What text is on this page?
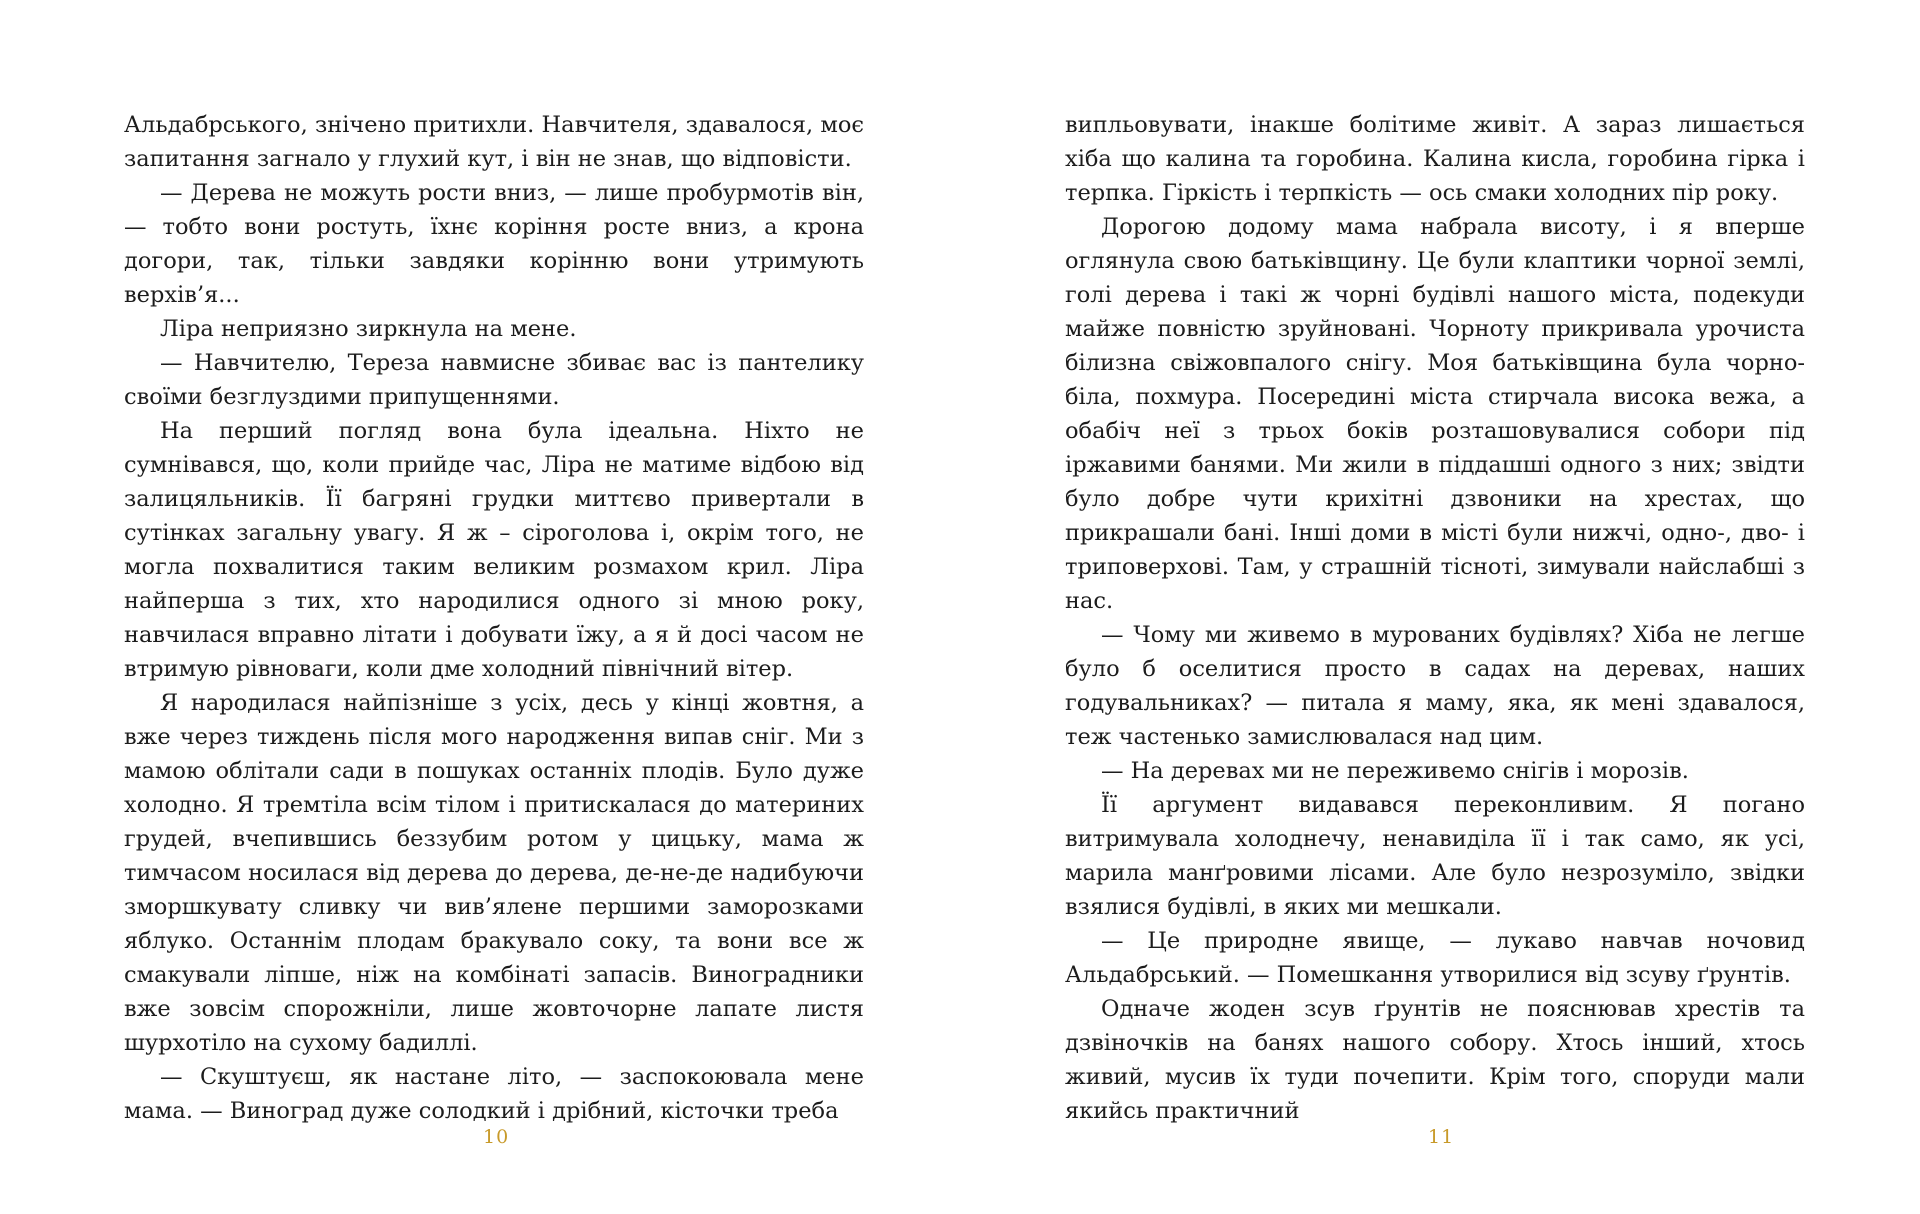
Альдабрського, знічено притихли. Навчителя, здавалося, моє запитання загнало у глухий кут, і він не знав, що відповісти.

— Дерева не можуть рости вниз, — лише пробурмотів він, — тобто вони ростуть, їхнє коріння росте вниз, а крона догори, так, тільки завдяки корінню вони утримують верхів’я...

Ліра неприязно зиркнула на мене.

— Навчителю, Тереза навмисне збиває вас із пантелику своїми безглуздими припущеннями.

На перший погляд вона була ідеальна. Ніхто не сумнівався, що, коли прийде час, Ліра не матиме відбою від залицяльників. Її багряні грудки миттєво привертали в сутінках загальну увагу. Я ж – сіроголова і, окрім того, не могла похвалитися таким великим розмахом крил. Ліра найперша з тих, хто народилися одного зі мною року, навчилася вправно літати і добувати їжу, а я й досі часом не втримую рівноваги, коли дме холодний північний вітер.

Я народилася найпізніше з усіх, десь у кінці жовтня, а вже через тиждень після мого народження випав сніг. Ми з мамою облітали сади в пошуках останніх плодів. Було дуже холодно. Я тремтіла всім тілом і притискалася до материних грудей, вчепившись беззубим ротом у цицьку, мама ж тимчасом носилася від дерева до дерева, де-не-де надибуючи зморшкувату сливку чи вив’ялене першими заморозками яблуко. Останнім плодам бракувало соку, та вони все ж смакували ліпше, ніж на комбінаті запасів. Виноградники вже зовсім спорожніли, лише жовточорне лапате листя шурхотіло на сухому бадиллі.

— Скуштуєш, як настане літо, — заспокоювала мене мама. — Виноград дуже солодкий і дрібний, кісточки треба

випльовувати, інакше болітиме живіт. А зараз лишається хіба що калина та горобина. Калина кисла, горобина гірка і терпка. Гіркість і терпкість — ось смаки холодних пір року.

Дорогою додому мама набрала висоту, і я вперше оглянула свою батьківщину. Це були клаптики чорної землі, голі дерева і такі ж чорні будівлі нашого міста, подекуди майже повністю зруйновані. Чорноту прикривала урочиста білизна свіжовпалого снігу. Моя батьківщина була чорно-біла, похмура. Посередині міста стирчала висока вежа, а обабіч неї з трьох боків розташовувалися собори під іржавими банями. Ми жили в піддашші одного з них; звідти було добре чути крихітні дзвоники на хрестах, що прикрашали бані. Інші доми в місті були нижчі, одно-, дво- і триповерхові. Там, у страшній тісноті, зимували найслабші з нас.

— Чому ми живемо в мурованих будівлях? Хіба не легше було б оселитися просто в садах на деревах, наших годувальниках? — питала я маму, яка, як мені здавалося, теж частенько замислювалася над цим.

— На деревах ми не переживемо снігів і морозів.

Її аргумент видавався переконливим. Я погано витримувала холоднечу, ненавиділа її і так само, як усі, марила манґровими лісами. Але було незрозуміло, звідки взялися будівлі, в яких ми мешкали.

— Це природне явище, — лукаво навчав ночовид Альдабрський. — Помешкання утворилися від зсуву ґрунтів.

Одначе жоден зсув ґрунтів не пояснював хрестів та дзвіночків на банях нашого собору. Хтось інший, хтось живий, мусив їх туди почепити. Крім того, споруди мали якийсь практичний

10	11
